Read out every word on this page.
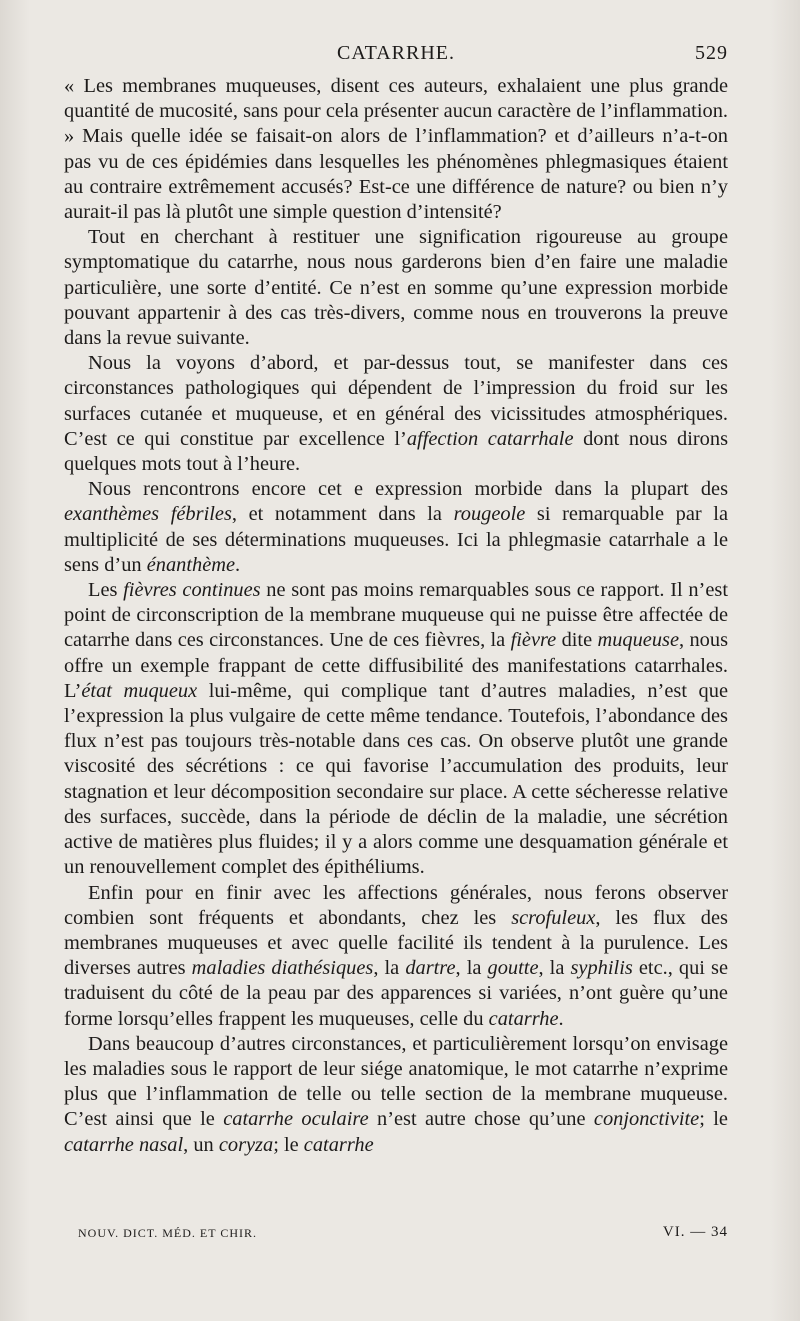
CATARRHE.	529

« Les membranes muqueuses, disent ces auteurs, exhalaient une plus grande quantité de mucosité, sans pour cela présenter aucun caractère de l’inflammation. » Mais quelle idée se faisait-on alors de l’inflammation? et d’ailleurs n’a-t-on pas vu de ces épidémies dans lesquelles les phénomènes phlegmasiques étaient au contraire extrêmement accusés? Est-ce une différence de nature? ou bien n’y aurait-il pas là plutôt une simple question d’intensité?

Tout en cherchant à restituer une signification rigoureuse au groupe symptomatique du catarrhe, nous nous garderons bien d’en faire une maladie particulière, une sorte d’entité. Ce n’est en somme qu’une expression morbide pouvant appartenir à des cas très-divers, comme nous en trouverons la preuve dans la revue suivante.

Nous la voyons d’abord, et par-dessus tout, se manifester dans ces circonstances pathologiques qui dépendent de l’impression du froid sur les surfaces cutanée et muqueuse, et en général des vicissitudes atmosphériques. C’est ce qui constitue par excellence l’affection catarrhale dont nous dirons quelques mots tout à l’heure.

Nous rencontrons encore cet e expression morbide dans la plupart des exanthèmes fébriles, et notamment dans la rougeole si remarquable par la multiplicité de ses déterminations muqueuses. Ici la phlegmasie catarrhale a le sens d’un énanthème.

Les fièvres continues ne sont pas moins remarquables sous ce rapport. Il n’est point de circonscription de la membrane muqueuse qui ne puisse être affectée de catarrhe dans ces circonstances. Une de ces fièvres, la fièvre dite muqueuse, nous offre un exemple frappant de cette diffusibilité des manifestations catarrhales. L’état muqueux lui-même, qui complique tant d’autres maladies, n’est que l’expression la plus vulgaire de cette même tendance. Toutefois, l’abondance des flux n’est pas toujours très-notable dans ces cas. On observe plutôt une grande viscosité des sécrétions : ce qui favorise l’accumulation des produits, leur stagnation et leur décomposition secondaire sur place. A cette sécheresse relative des surfaces, succède, dans la période de déclin de la maladie, une sécrétion active de matières plus fluides; il y a alors comme une desquamation générale et un renouvellement complet des épithéliums.

Enfin pour en finir avec les affections générales, nous ferons observer combien sont fréquents et abondants, chez les scrofuleux, les flux des membranes muqueuses et avec quelle facilité ils tendent à la purulence. Les diverses autres maladies diathésiques, la dartre, la goutte, la syphilis etc., qui se traduisent du côté de la peau par des apparences si variées, n’ont guère qu’une forme lorsqu’elles frappent les muqueuses, celle du catarrhe.

Dans beaucoup d’autres circonstances, et particulièrement lorsqu’on envisage les maladies sous le rapport de leur siége anatomique, le mot catarrhe n’exprime plus que l’inflammation de telle ou telle section de la membrane muqueuse. C’est ainsi que le catarrhe oculaire n’est autre chose qu’une conjonctivite; le catarrhe nasal, un coryza; le catarrhe

NOUV. DICT. MÉD. ET CHIR.	VI. — 34
